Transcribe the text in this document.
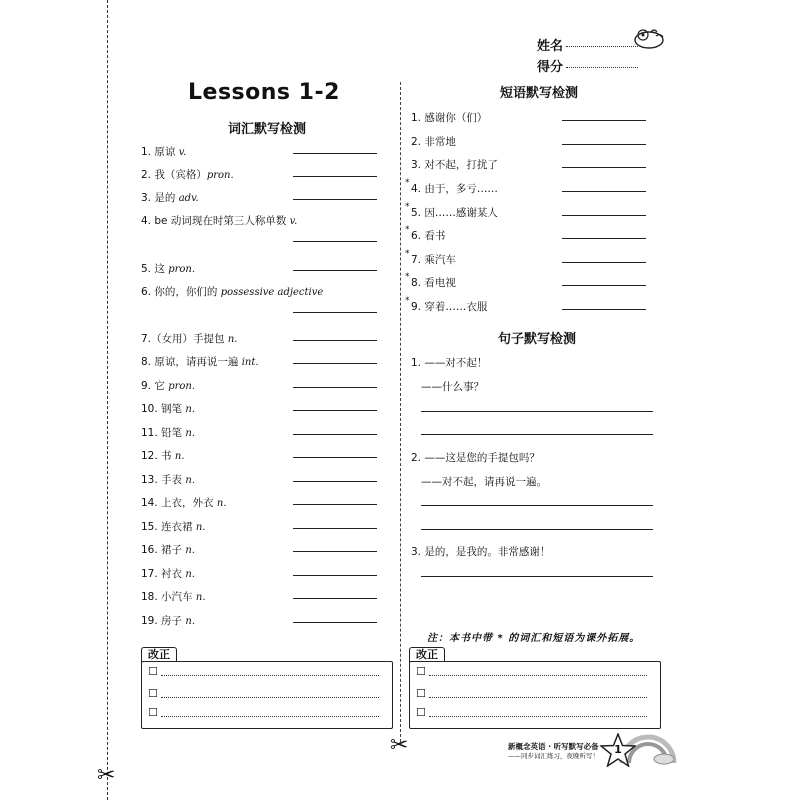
✂
✂
姓名
得分
Lessons 1-2
词汇默写检测
1. 原谅 v.
2. 我（宾格）pron.
3. 是的 adv.
4. be 动词现在时第三人称单数 v.
5. 这 pron.
6. 你的，你们的 possessive adjective
7.（女用）手提包 n.
8. 原谅，请再说一遍 int.
9. 它 pron.
10. 钢笔 n.
11. 铅笔 n.
12. 书 n.
13. 手表 n.
14. 上衣，外衣 n.
15. 连衣裙 n.
16. 裙子 n.
17. 衬衣 n.
18. 小汽车 n.
19. 房子 n.
短语默写检测
1. 感谢你（们）
2. 非常地
3. 对不起，打扰了
* 4. 由于，多亏……
* 5. 因……感谢某人
* 6. 看书
* 7. 乘汽车
* 8. 看电视
* 9. 穿着……衣服
句子默写检测
1. ——对不起！
——什么事？
2. ——这是您的手提包吗？
——对不起，请再说一遍。
3. 是的，是我的。非常感谢！
注：本书中带 * 的词汇和短语为课外拓展。
改正
☐
☐
☐
改正
☐
☐
☐
新概念英语 · 听写默写必备
——同步词汇练习，夜晚听写！ 1
